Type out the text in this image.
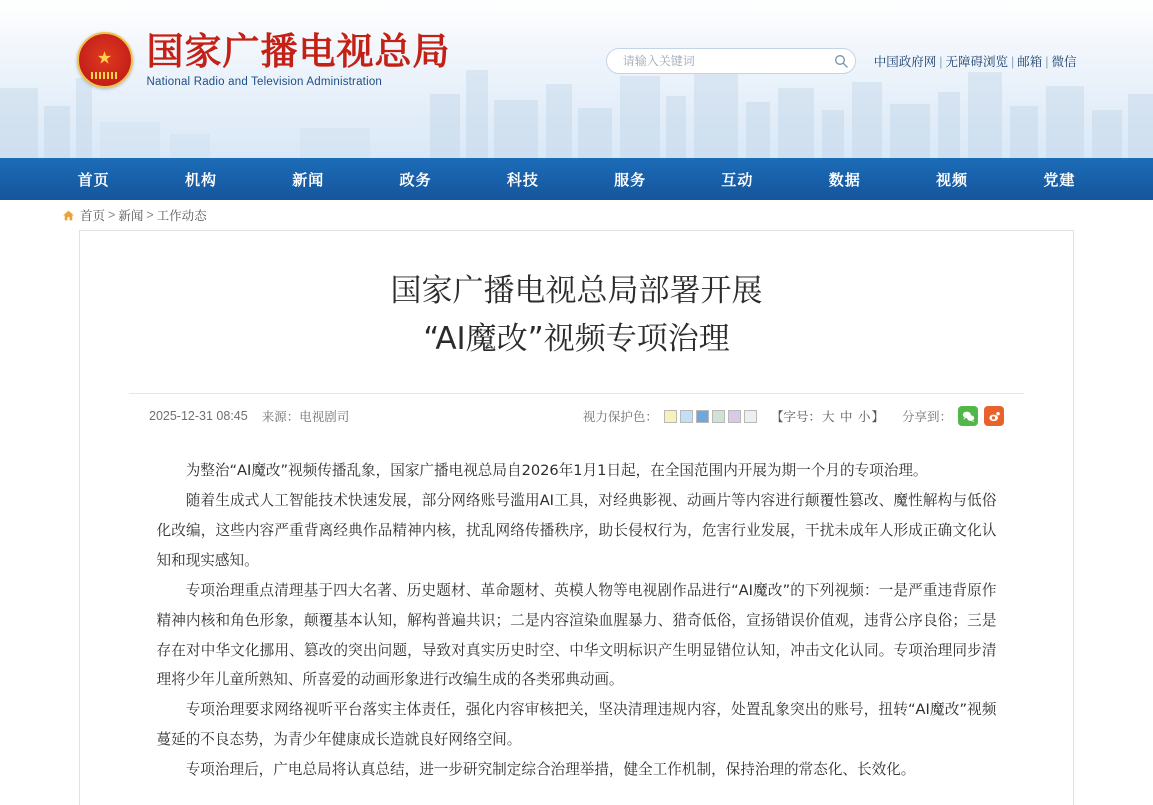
★ 国家广播电视总局
National Radio and Television Administration
请输入关键词
中国政府网 | 无障碍浏览 | 邮箱 | 微信
首页	机构	新闻	政务	科技	服务	互动	数据	视频	党建
首页 > 新闻 > 工作动态
国家广播电视总局部署开展
“AI魔改”视频专项治理
2025-12-31 08:45 来源：电视剧司	视力保护色：	【字号：大 中 小】 分享到：

为整治“AI魔改”视频传播乱象，国家广播电视总局自2026年1月1日起，在全国范围内开展为期一个月的专项治理。

随着生成式人工智能技术快速发展，部分网络账号滥用AI工具，对经典影视、动画片等内容进行颠覆性篡改、魔性解构与低俗化改编，这些内容严重背离经典作品精神内核，扰乱网络传播秩序，助长侵权行为，危害行业发展，干扰未成年人形成正确文化认知和现实感知。

专项治理重点清理基于四大名著、历史题材、革命题材、英模人物等电视剧作品进行“AI魔改”的下列视频：一是严重违背原作精神内核和角色形象，颠覆基本认知，解构普遍共识；二是内容渲染血腥暴力、猎奇低俗，宣扬错误价值观，违背公序良俗；三是存在对中华文化挪用、篡改的突出问题，导致对真实历史时空、中华文明标识产生明显错位认知，冲击文化认同。专项治理同步清理将少年儿童所熟知、所喜爱的动画形象进行改编生成的各类邪典动画。

专项治理要求网络视听平台落实主体责任，强化内容审核把关，坚决清理违规内容，处置乱象突出的账号，扭转“AI魔改”视频蔓延的不良态势，为青少年健康成长造就良好网络空间。

专项治理后，广电总局将认真总结，进一步研究制定综合治理举措，健全工作机制，保持治理的常态化、长效化。
